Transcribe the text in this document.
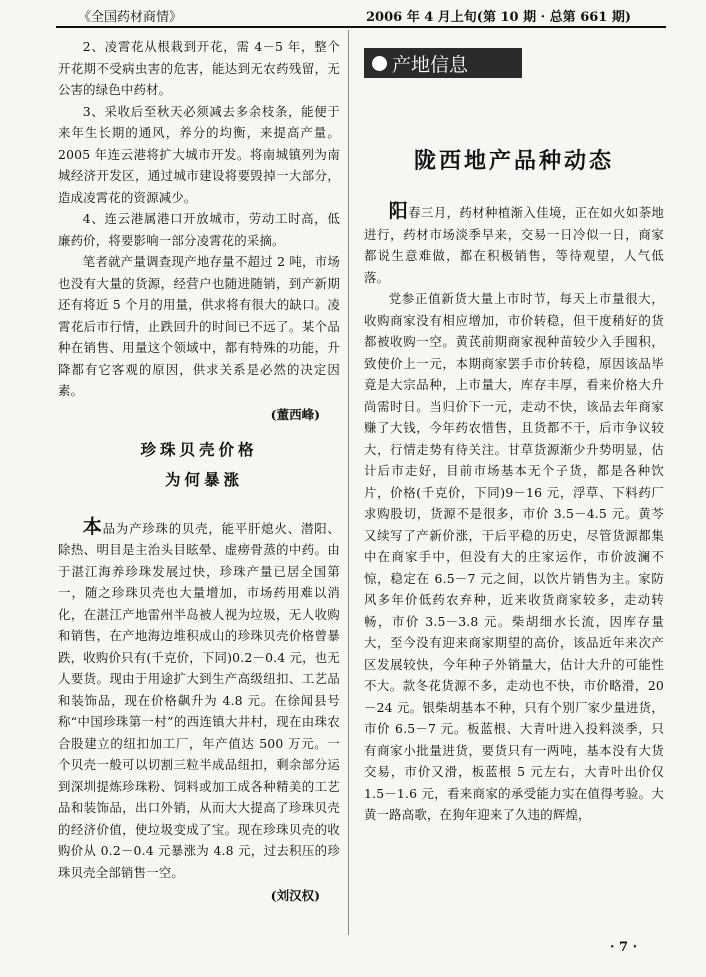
《全国药材商情》	2006 年 4 月上旬(第 10 期 · 总第 661 期)

2、凌霄花从根栽到开花，需 4－5 年，整个开花期不受病虫害的危害，能达到无农药残留，无公害的绿色中药材。

3、采收后至秋天必须减去多余枝条，能便于来年生长期的通风，养分的均衡，来提高产量。2005 年连云港将扩大城市开发。将南城镇列为南城经济开发区，通过城市建设将要毁掉一大部分，造成凌霄花的资源减少。

4、连云港属港口开放城市，劳动工时高，低廉药价，将要影响一部分凌霄花的采摘。

笔者就产量调查现产地存量不超过 2 吨，市场也没有大量的货源，经营户也随进随销，到产新期还有将近 5 个月的用量，供求将有很大的缺口。凌霄花后市行情，止跌回升的时间已不远了。某个品种在销售、用量这个领域中，都有特殊的功能，升降都有它客观的原因，供求关系是必然的决定因素。

(董西峰)
珍珠贝壳价格
为何暴涨

本品为产珍珠的贝壳，能平肝熄火、潜阳、除热、明目是主治头目眩晕、虚痨骨蒸的中药。由于湛江海养珍珠发展过快，珍珠产量已居全国第一，随之珍珠贝壳也大量增加，市场药用难以消化，在湛江产地雷州半岛被人视为垃圾，无人收购和销售，在产地海边堆积成山的珍珠贝壳价格曾暴跌，收购价只有(千克价，下同)0.2－0.4 元，也无人要货。现由于用途扩大到生产高级纽扣、工艺品和装饰品，现在价格飙升为 4.8 元。在徐闻县号称“中国珍珠第一村”的西连镇大井村，现在由珠农合股建立的纽扣加工厂，年产值达 500 万元。一个贝壳一般可以切割三粒半成品纽扣，剩余部分运到深圳提炼珍珠粉、饲料或加工成各种精美的工艺品和装饰品，出口外销，从而大大提高了珍珠贝壳的经济价值，使垃圾变成了宝。现在珍珠贝壳的收购价从 0.2－0.4 元暴涨为 4.8 元，过去积压的珍珠贝壳全部销售一空。

(刘汉权)
产地信息
陇西地产品种动态

阳春三月，药材种植渐入佳境，正在如火如荼地进行，药材市场淡季早来，交易一日冷似一日，商家都说生意难做，都在积极销售，等待观望，人气低落。

党参正值新货大量上市时节，每天上市量很大，收购商家没有相应增加，市价转稳，但干度稍好的货都被收购一空。黄芪前期商家视种苗较少入手囤积，致使价上一元，本期商家罢手市价转稳，原因该品毕竟是大宗品种，上市量大，库存丰厚，看来价格大升尚需时日。当归价下一元，走动不快，该品去年商家赚了大钱，今年药农惜售，且货都不干，后市争议较大，行情走势有待关注。甘草货源渐少升势明显，估计后市走好，目前市场基本无个子货，都是各种饮片，价格(千克价，下同)9－16 元，浮草、下料药厂求购股切，货源不是很多，市价 3.5－4.5 元。黄芩又续写了产新价涨，干后平稳的历史，尽管货源都集中在商家手中，但没有大的庄家运作，市价波澜不惊，稳定在 6.5－7 元之间，以饮片销售为主。家防风多年价低药农弃种，近来收货商家较多，走动转畅，市价 3.5－3.8 元。柴胡细水长流，因库存量大，至今没有迎来商家期望的高价，该品近年来次产区发展较快，今年种子外销量大，估计大升的可能性不大。款冬花货源不多，走动也不快，市价略滑，20－24 元。银柴胡基本不种，只有个别厂家少量进货，市价 6.5－7 元。板蓝根、大青叶进入投料淡季，只有商家小批量进货，要货只有一两吨，基本没有大货交易，市价又滑，板蓝根 5 元左右，大青叶出价仅 1.5－1.6 元，看来商家的承受能力实在值得考验。大黄一路高歌，在狗年迎来了久违的辉煌，

· 7 ·
